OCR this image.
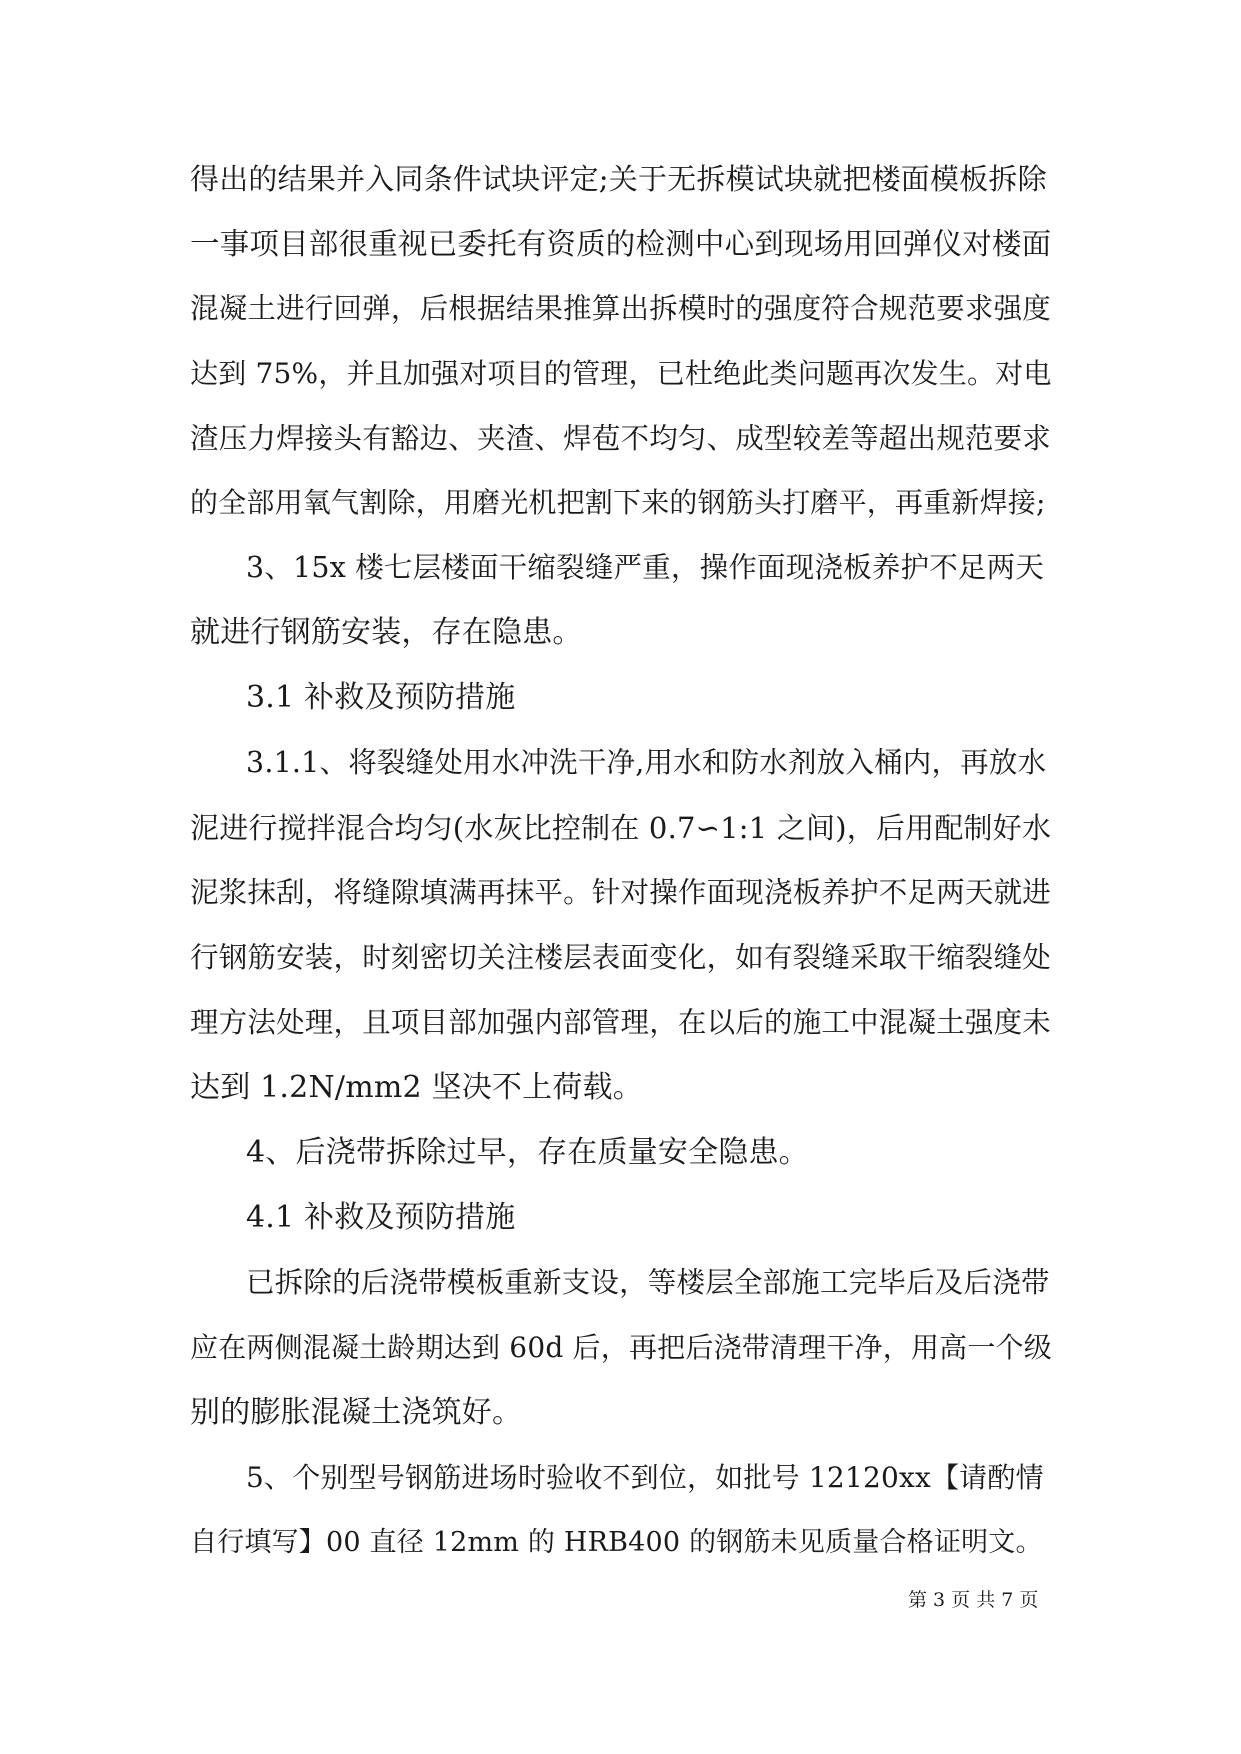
得出的结果并入同条件试块评定;关于无拆模试块就把楼面模板拆除
一事项目部很重视已委托有资质的检测中心到现场用回弹仪对楼面
混凝土进行回弹，后根据结果推算出拆模时的强度符合规范要求强度
达到 75%，并且加强对项目的管理，已杜绝此类问题再次发生。对电
渣压力焊接头有豁边、夹渣、焊苞不均匀、成型较差等超出规范要求
的全部用氧气割除，用磨光机把割下来的钢筋头打磨平，再重新焊接;
3、15x 楼七层楼面干缩裂缝严重，操作面现浇板养护不足两天
就进行钢筋安装，存在隐患。
3.1 补救及预防措施
3.1.1、将裂缝处用水冲洗干净,用水和防水剂放入桶内，再放水
泥进行搅拌混合均匀(水灰比控制在 0.7∽1:1 之间)，后用配制好水
泥浆抹刮，将缝隙填满再抹平。针对操作面现浇板养护不足两天就进
行钢筋安装，时刻密切关注楼层表面变化，如有裂缝采取干缩裂缝处
理方法处理，且项目部加强内部管理，在以后的施工中混凝土强度未
达到 1.2N/mm2 坚决不上荷载。
4、后浇带拆除过早，存在质量安全隐患。
4.1 补救及预防措施
已拆除的后浇带模板重新支设，等楼层全部施工完毕后及后浇带
应在两侧混凝土龄期达到 60d 后，再把后浇带清理干净，用高一个级
别的膨胀混凝土浇筑好。
5、个别型号钢筋进场时验收不到位，如批号 12120xx【请酌情
自行填写】00 直径 12mm 的 HRB400 的钢筋未见质量合格证明文。
第 3 页 共 7 页
